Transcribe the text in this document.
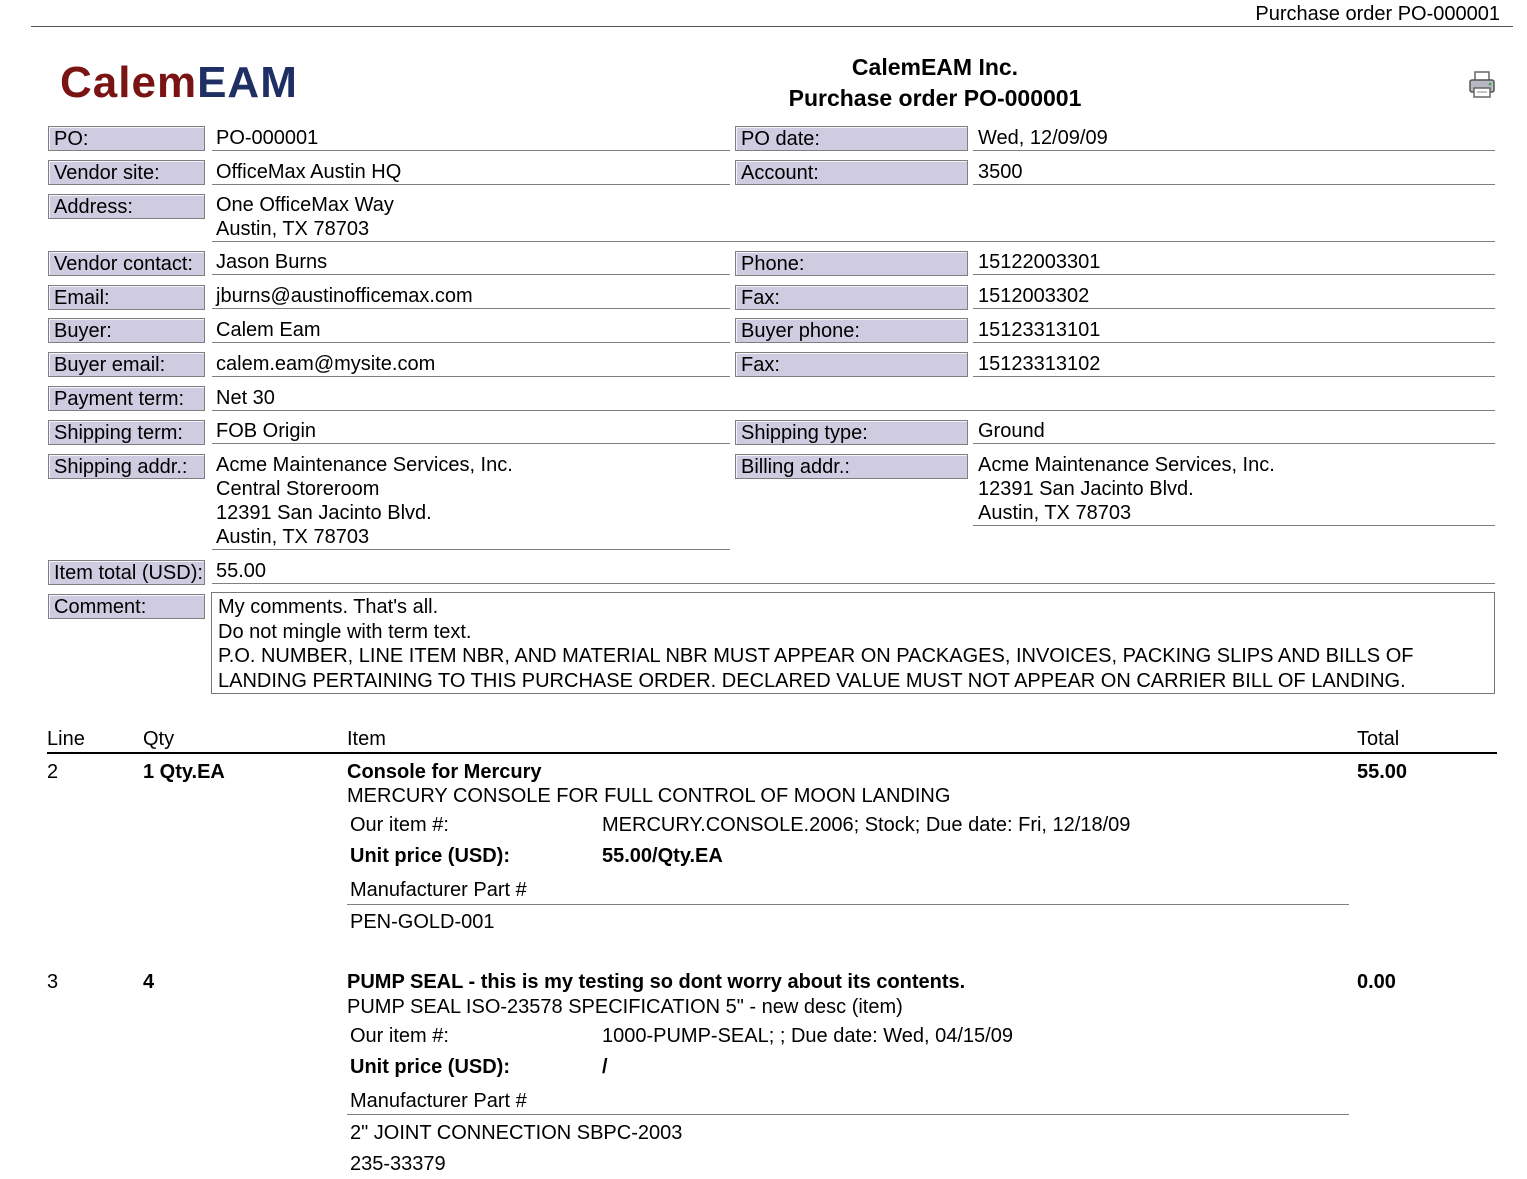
Purchase order PO-000001
CalemEAM	CalemEAM Inc.
Purchase order PO-000001
PO:	PO-000001	PO date:	Wed, 12/09/09
Vendor site:	OfficeMax Austin HQ	Account:	3500
Address:	One OfficeMax Way
Austin, TX 78703
Vendor contact:	Jason Burns	Phone:	15122003301
Email:	jburns@austinofficemax.com	Fax:	1512003302
Buyer:	Calem Eam	Buyer phone:	15123313101
Buyer email:	calem.eam@mysite.com	Fax:	15123313102
Payment term:	Net 30
Shipping term:	FOB Origin	Shipping type:	Ground
Shipping addr.:	Acme Maintenance Services, Inc.
Central Storeroom
12391 San Jacinto Blvd.
Austin, TX 78703
Billing addr.:	Acme Maintenance Services, Inc.
12391 San Jacinto Blvd.
Austin, TX 78703
Item total (USD): 55.00
Comment:	My comments. That's all.
Do not mingle with term text.
P.O. NUMBER, LINE ITEM NBR, AND MATERIAL NBR MUST APPEAR ON PACKAGES, INVOICES, PACKING SLIPS AND BILLS OF
LANDING PERTAINING TO THIS PURCHASE ORDER. DECLARED VALUE MUST NOT APPEAR ON CARRIER BILL OF LANDING.
Line	Qty	Item	Total
2	1 Qty.EA	Console for Mercury	55.00
MERCURY CONSOLE FOR FULL CONTROL OF MOON LANDING
Our item #:	MERCURY.CONSOLE.2006; Stock; Due date: Fri, 12/18/09
Unit price (USD):	55.00/Qty.EA
Manufacturer Part #
PEN-GOLD-001
3	4	PUMP SEAL - this is my testing so dont worry about its contents.	0.00
PUMP SEAL ISO-23578 SPECIFICATION 5" - new desc (item)
Our item #:	1000-PUMP-SEAL; ; Due date: Wed, 04/15/09
Unit price (USD):	/
Manufacturer Part #
2" JOINT CONNECTION SBPC-2003
235-33379
